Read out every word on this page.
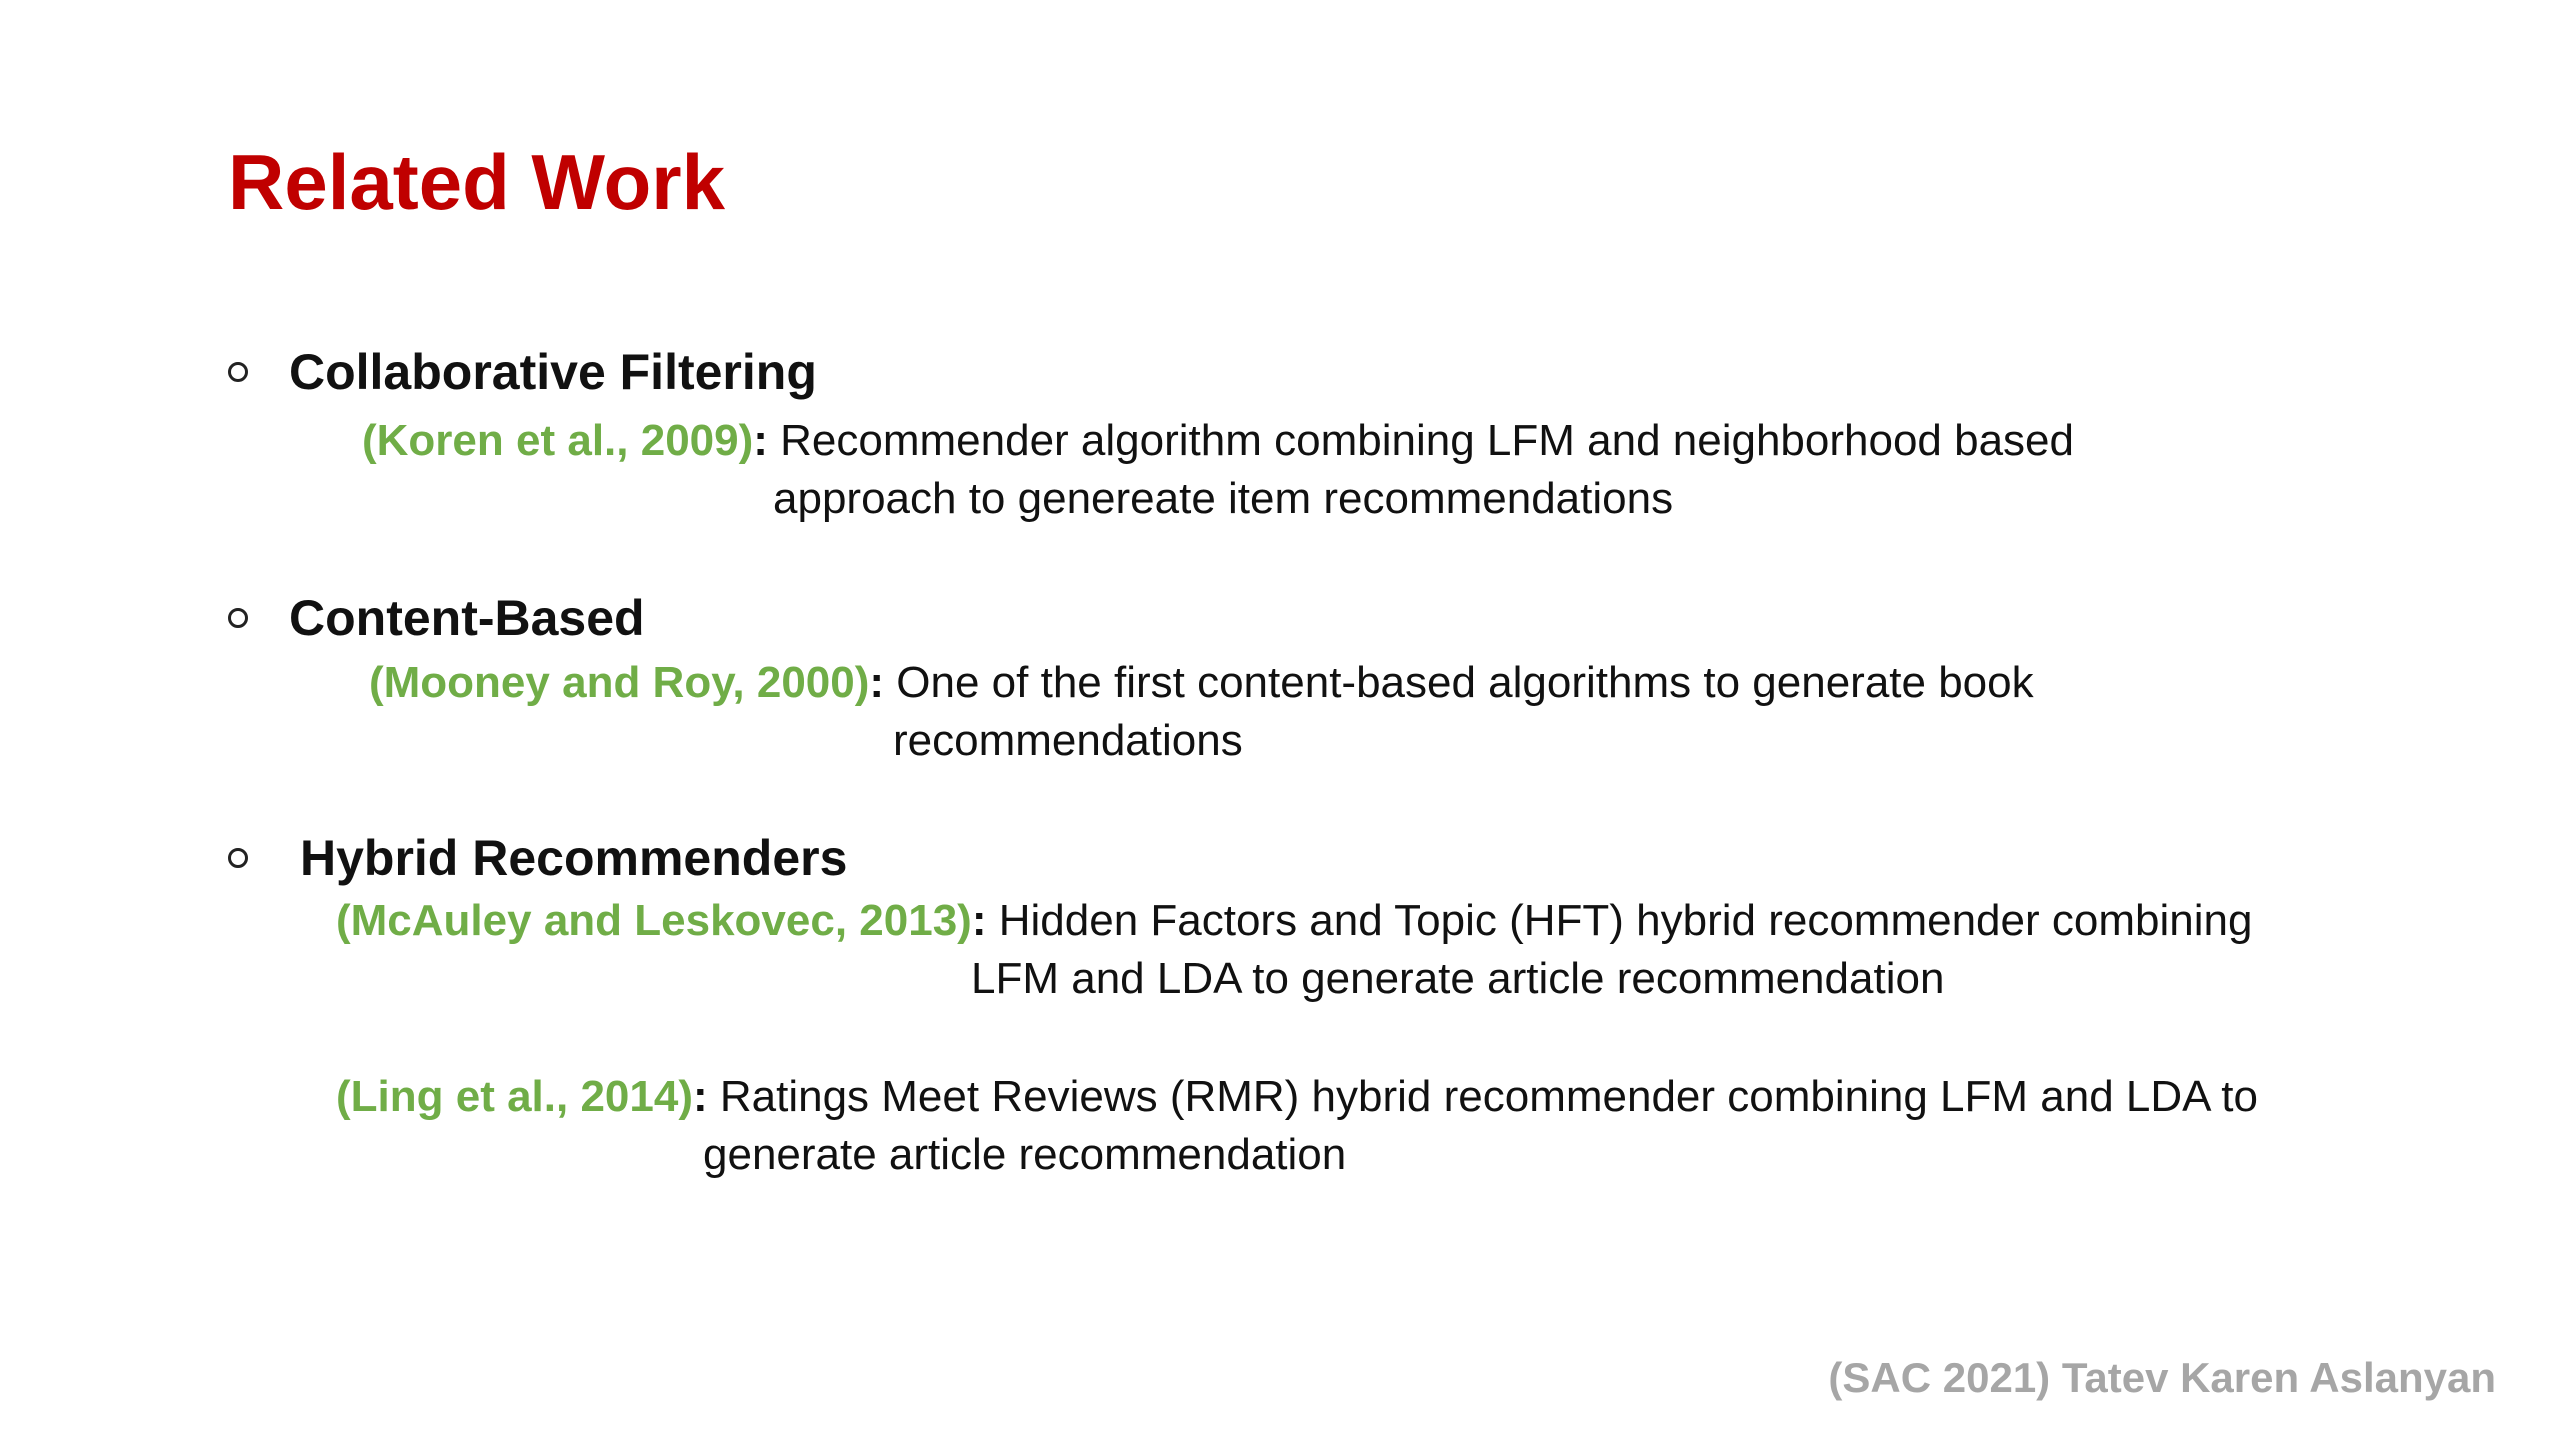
Related Work
Collaborative Filtering
(Koren et al., 2009): Recommender algorithm combining LFM and neighborhood based
approach to genereate item recommendations
Content-Based
(Mooney and Roy, 2000): One of the first content-based algorithms to generate book
recommendations
Hybrid Recommenders
(McAuley and Leskovec, 2013): Hidden Factors and Topic (HFT) hybrid recommender combining
LFM and LDA to generate article recommendation
(Ling et al., 2014): Ratings Meet Reviews (RMR) hybrid recommender combining LFM and LDA to
generate article recommendation
(SAC 2021) Tatev Karen Aslanyan
